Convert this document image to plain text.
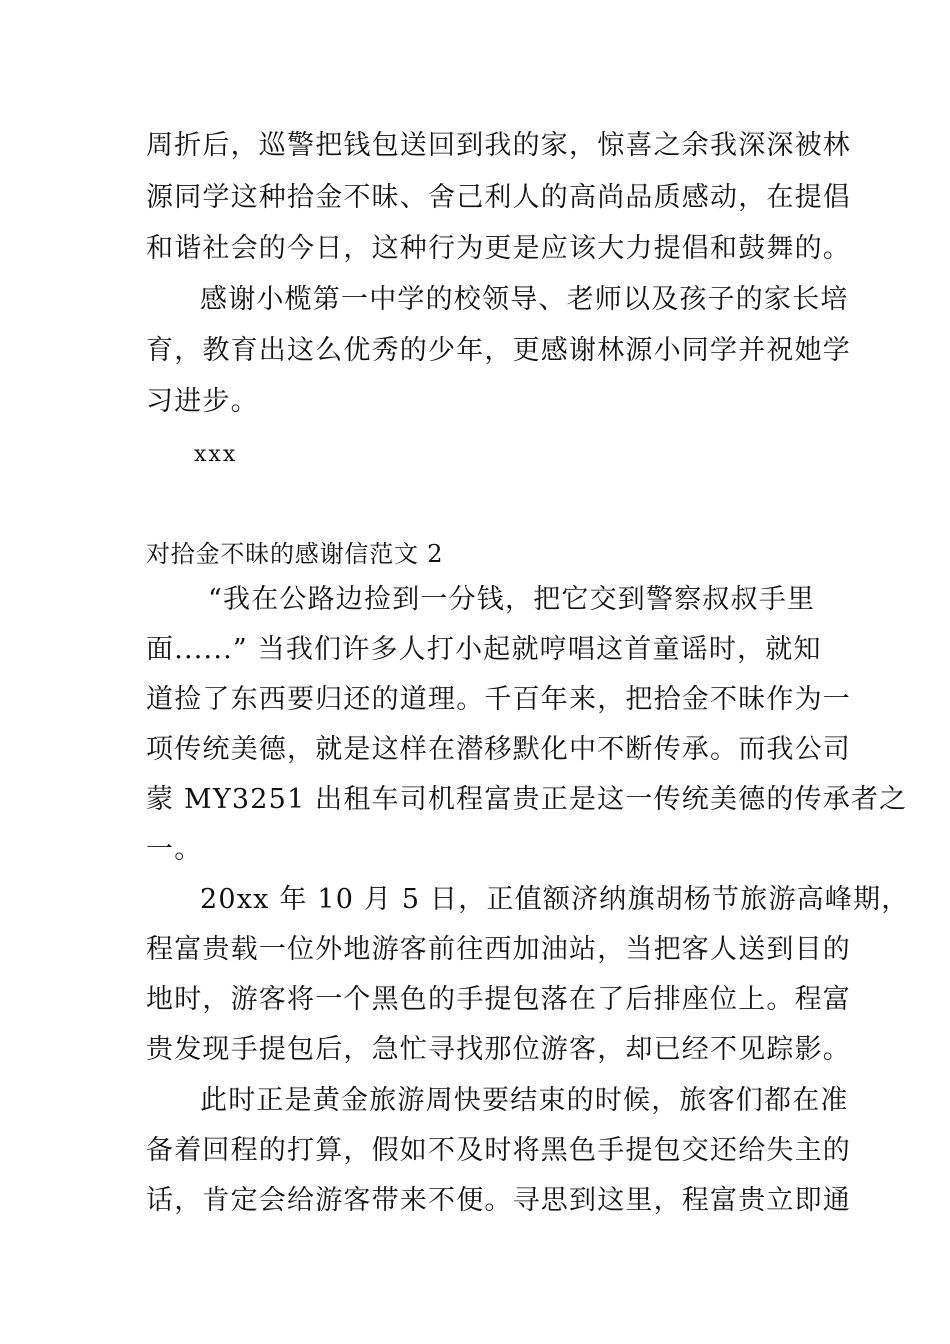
周折后，巡警把钱包送回到我的家，惊喜之余我深深被林
源同学这种拾金不昧、舍己利人的高尚品质感动，在提倡
和谐社会的今日，这种行为更是应该大力提倡和鼓舞的。
感谢小榄第一中学的校领导、老师以及孩子的家长培
育，教育出这么优秀的少年，更感谢林源小同学并祝她学
习进步。
xxx
对拾金不昧的感谢信范文 2
“我在公路边捡到一分钱，把它交到警察叔叔手里
面......” 当我们许多人打小起就哼唱这首童谣时，就知
道捡了东西要归还的道理。千百年来，把拾金不昧作为一
项传统美德，就是这样在潜移默化中不断传承。而我公司
蒙 MY3251 出租车司机程富贵正是这一传统美德的传承者之
一。
20xx 年 10 月 5 日，正值额济纳旗胡杨节旅游高峰期，
程富贵载一位外地游客前往西加油站，当把客人送到目的
地时，游客将一个黑色的手提包落在了后排座位上。程富
贵发现手提包后，急忙寻找那位游客，却已经不见踪影。
此时正是黄金旅游周快要结束的时候，旅客们都在准
备着回程的打算，假如不及时将黑色手提包交还给失主的
话，肯定会给游客带来不便。寻思到这里，程富贵立即通
